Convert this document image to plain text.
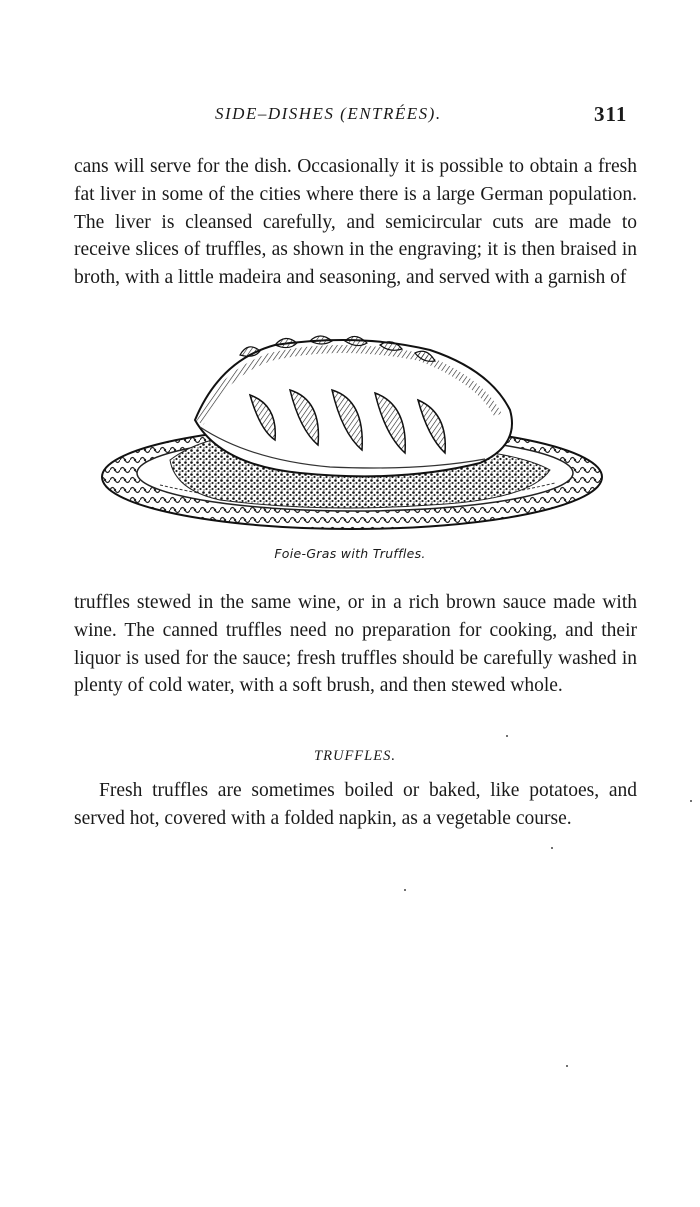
SIDE–DISHES (ENTRÉES).	311

cans will serve for the dish. Occasionally it is possible to obtain a fresh fat liver in some of the cities where there is a large German population. The liver is cleansed carefully, and semicircular cuts are made to receive slices of truffles, as shown in the engraving; it is then braised in broth, with a little madeira and seasoning, and served with a garnish of

Foie-Gras with Truffles.

truffles stewed in the same wine, or in a rich brown sauce made with wine. The canned truffles need no preparation for cooking, and their liquor is used for the sauce; fresh truffles should be carefully washed in plenty of cold water, with a soft brush, and then stewed whole.

TRUFFLES.

Fresh truffles are sometimes boiled or baked, like potatoes, and served hot, covered with a folded napkin, as a vegetable course.
